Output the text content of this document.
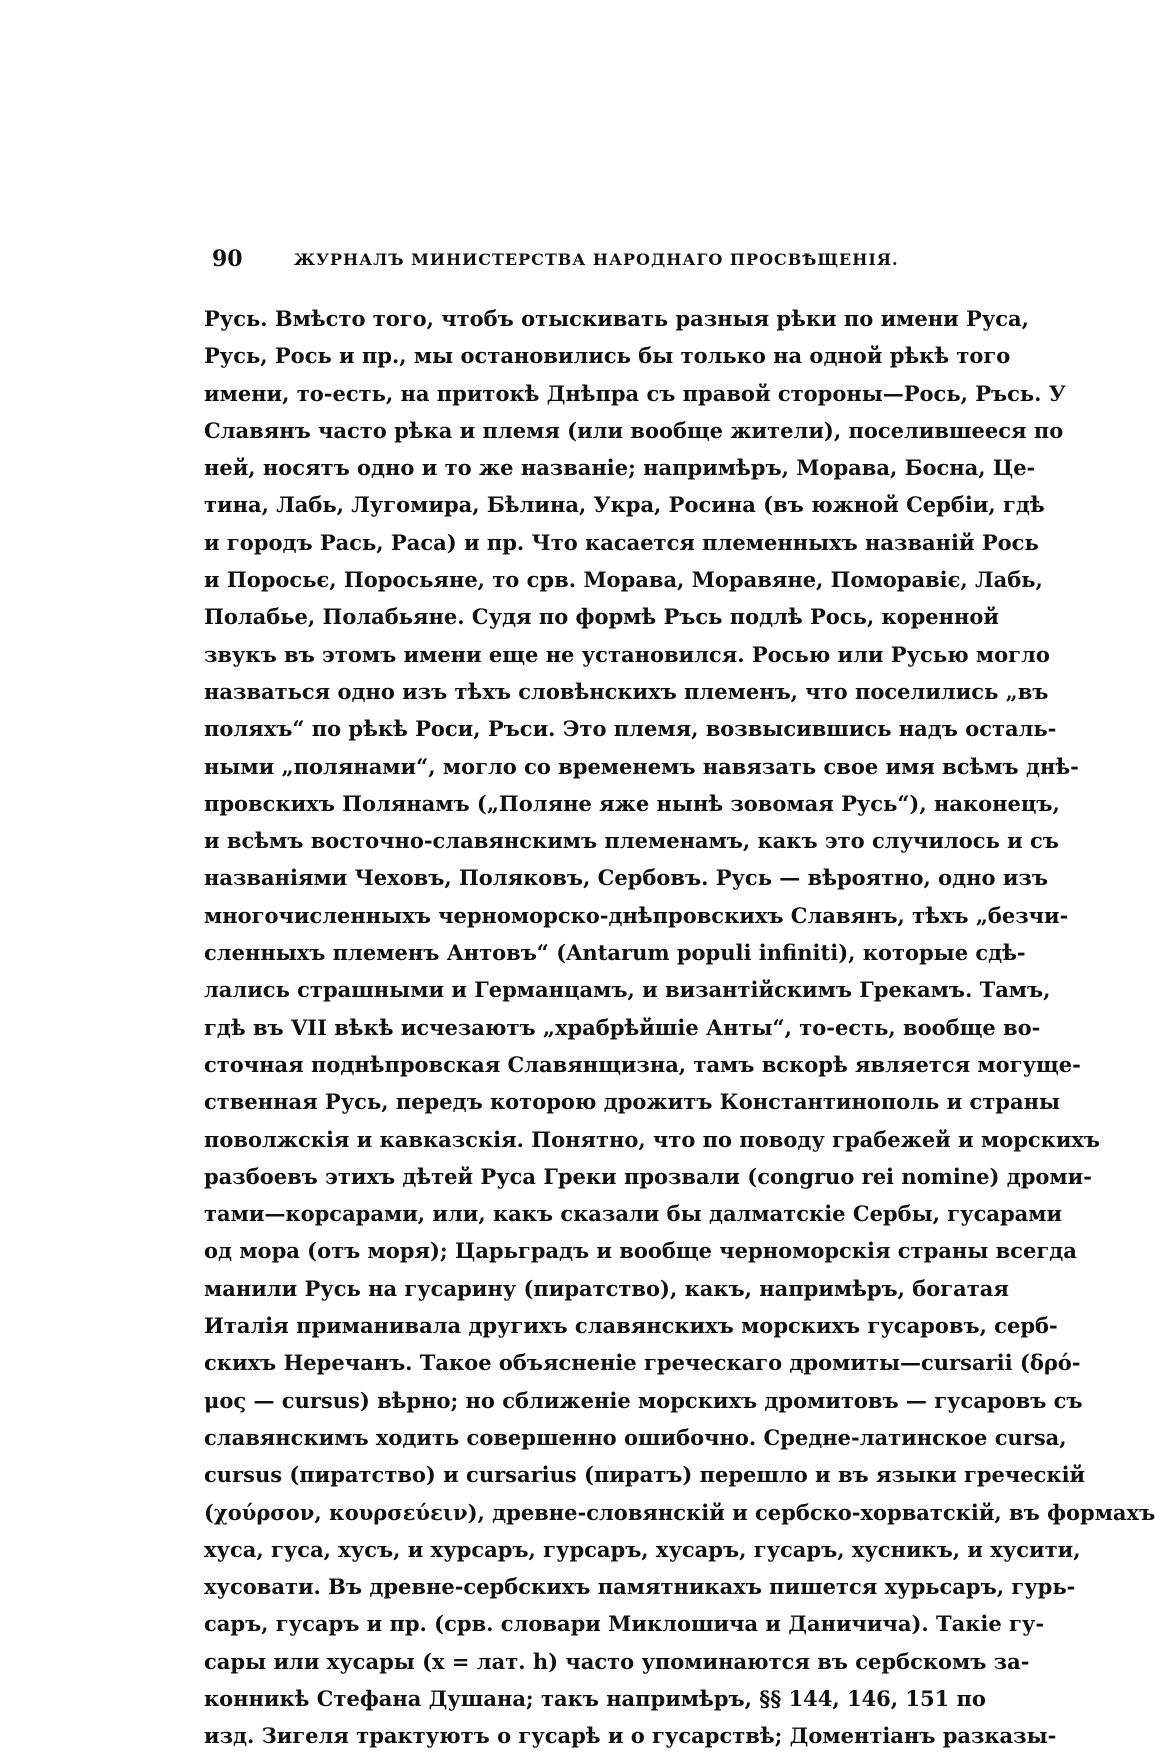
90	ЖУРНАЛЪ МИНИСТЕРСТВА НАРОДНАГО ПРОСВѢЩЕНІЯ.
Русь. Вмѣсто того, чтобъ отыскивать разныя рѣки по имени Руса,
Русь, Рось и пр., мы остановились бы только на одной рѣкѣ того
имени, то-есть, на притокѣ Днѣпра съ правой стороны—Рось, Ръсь. У
Славянъ часто рѣка и племя (или вообще жители), поселившееся по
ней, носятъ одно и то же названіе; напримѣръ, Морава, Босна, Це-
тина, Лабь, Лугомира, Бѣлина, Укра, Росина (въ южной Сербіи, гдѣ
и городъ Рась, Раса) и пр. Что касается племенныхъ названій Рось
и Поросьє, Поросьяне, то срв. Морава, Моравяне, Поморавіє, Лабь,
Полабье, Полабьяне. Судя по формѣ Ръсь подлѣ Рось, коренной
звукъ въ этомъ имени еще не установился. Росью или Русью могло
назваться одно изъ тѣхъ словѣнскихъ племенъ, что поселились „въ
поляхъ“ по рѣкѣ Роси, Ръси. Это племя, возвысившись надъ осталь-
ными „полянами“, могло со временемъ навязать свое имя всѣмъ днѣ-
провскихъ Полянамъ („Поляне яже нынѣ зовомая Русь“), наконецъ,
и всѣмъ восточно-славянскимъ племенамъ, какъ это случилось и съ
названіями Чеховъ, Поляковъ, Сербовъ. Русь — вѣроятно, одно изъ
многочисленныхъ черноморско-днѣпровскихъ Славянъ, тѣхъ „безчи-
сленныхъ племенъ Антовъ“ (Antarum populi infiniti), которые сдѣ-
лались страшными и Германцамъ, и византійскимъ Грекамъ. Тамъ,
гдѣ въ VII вѣкѣ исчезаютъ „храбрѣйшіе Анты“, то-есть, вообще во-
сточная поднѣпровская Славянщизна, тамъ вскорѣ является могуще-
ственная Русь, передъ которою дрожитъ Константинополь и страны
поволжскія и кавказскія. Понятно, что по поводу грабежей и морскихъ
разбоевъ этихъ дѣтей Руса Греки прозвали (congruo rei nomine) дроми-
тами—корсарами, или, какъ сказали бы далматскіе Сербы, гусарами
од мора (отъ моря); Царьградъ и вообще черноморскія страны всегда
манили Русь на гусарину (пиратство), какъ, напримѣръ, богатая
Италія приманивала другихъ славянскихъ морскихъ гусаровъ, серб-
скихъ Неречанъ. Такое объясненіе греческаго дромиты—cursarii (δρό-
μος — cursus) вѣрно; но сближеніе морскихъ дромитовъ — гусаровъ съ
славянскимъ ходить совершенно ошибочно. Средне-латинское cursa,
cursus (пиратство) и cursarius (пиратъ) перешло и въ языки греческій
(χούρσον, κουρσεύειν), древне-словянскій и сербско-хорватскій, въ формахъ
хуса, гуса, хусъ, и хурсаръ, гурсаръ, хусаръ, гусаръ, хусникъ, и хусити,
хусовати. Въ древне-сербскихъ памятникахъ пишется хурьсаръ, гурь-
саръ, гусаръ и пр. (срв. словари Миклошича и Даничича). Такіе гу-
сары или хусары (х = лат. h) часто упоминаются въ сербскомъ за-
конникѣ Стефана Душана; такъ напримѣръ, §§ 144, 146, 151 по
изд. Зигеля трактуютъ о гусарѣ и о гусарствѣ; Доментіанъ разказы-
